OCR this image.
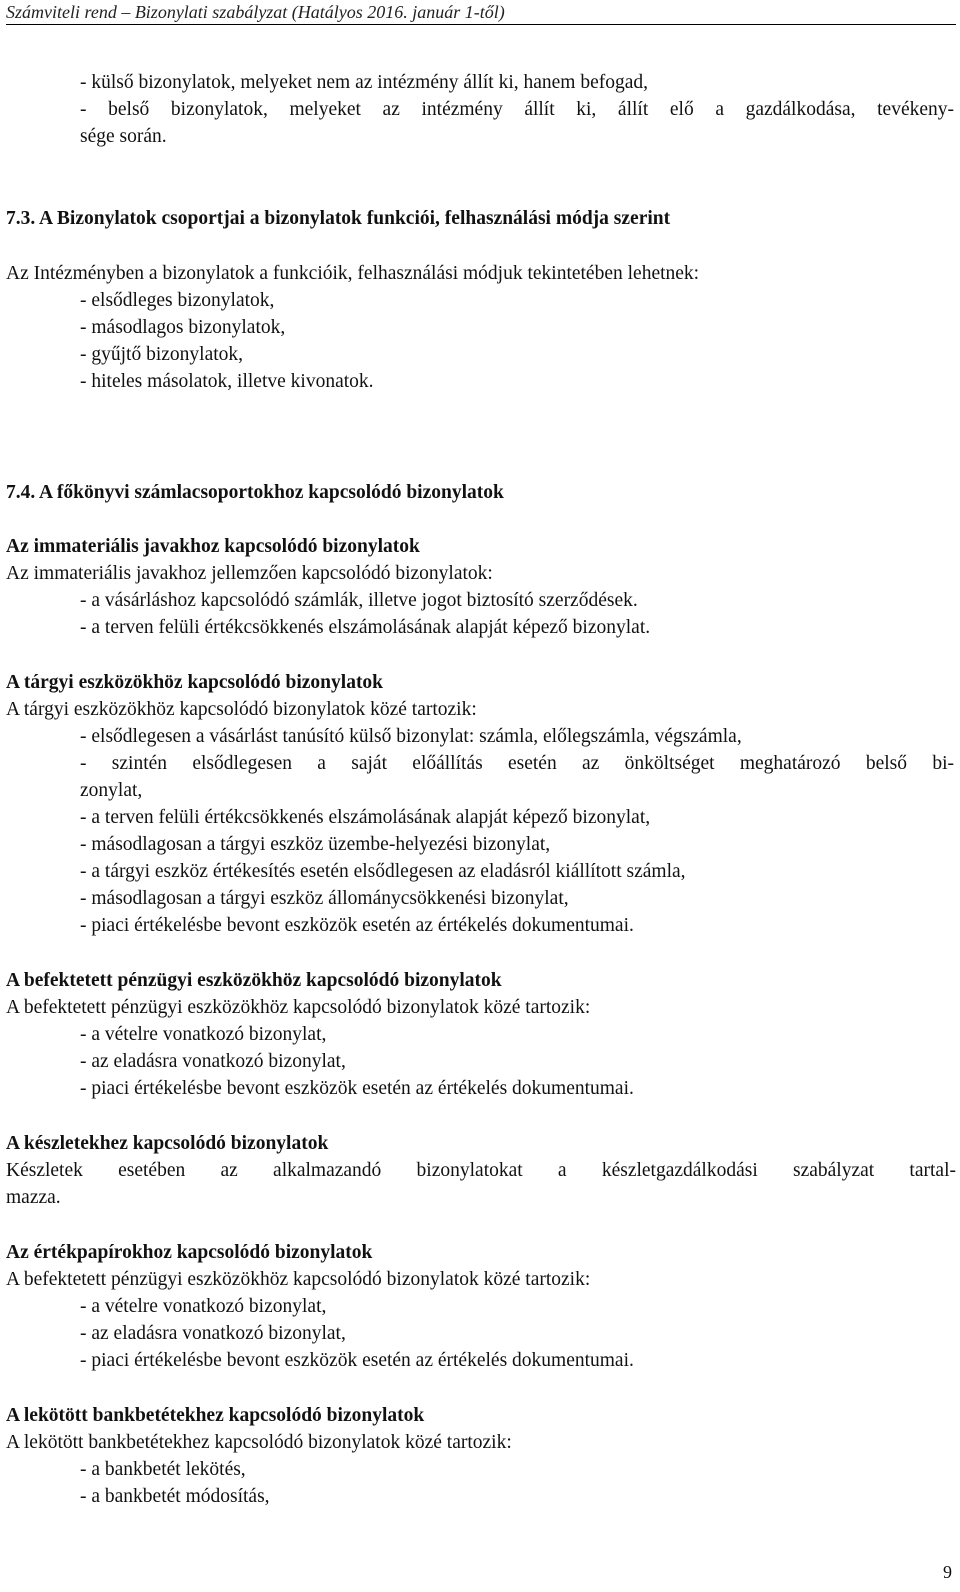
Számviteli rend – Bizonylati szabályzat (Hatályos 2016. január 1-től)
- külső bizonylatok, melyeket nem az intézmény állít ki, hanem befogad,
- belső bizonylatok, melyeket az intézmény állít ki, állít elő a gazdálkodása, tevékeny-
sége során.
7.3. A Bizonylatok csoportjai a bizonylatok funkciói, felhasználási módja szerint
Az Intézményben a bizonylatok a funkcióik, felhasználási módjuk tekintetében lehetnek:
- elsődleges bizonylatok,
- másodlagos bizonylatok,
- gyűjtő bizonylatok,
- hiteles másolatok, illetve kivonatok.
7.4. A főkönyvi számlacsoportokhoz kapcsolódó bizonylatok
Az immateriális javakhoz kapcsolódó bizonylatok
Az immateriális javakhoz jellemzően kapcsolódó bizonylatok:
- a vásárláshoz kapcsolódó számlák, illetve jogot biztosító szerződések.
- a terven felüli értékcsökkenés elszámolásának alapját képező bizonylat.
A tárgyi eszközökhöz kapcsolódó bizonylatok
A tárgyi eszközökhöz kapcsolódó bizonylatok közé tartozik:
- elsődlegesen a vásárlást tanúsító külső bizonylat: számla, előlegszámla, végszámla,
- szintén elsődlegesen a saját előállítás esetén az önköltséget meghatározó belső bi-
zonylat,
- a terven felüli értékcsökkenés elszámolásának alapját képező bizonylat,
- másodlagosan a tárgyi eszköz üzembe-helyezési bizonylat,
- a tárgyi eszköz értékesítés esetén elsődlegesen az eladásról kiállított számla,
- másodlagosan a tárgyi eszköz állománycsökkenési bizonylat,
- piaci értékelésbe bevont eszközök esetén az értékelés dokumentumai.
A befektetett pénzügyi eszközökhöz kapcsolódó bizonylatok
A befektetett pénzügyi eszközökhöz kapcsolódó bizonylatok közé tartozik:
- a vételre vonatkozó bizonylat,
- az eladásra vonatkozó bizonylat,
- piaci értékelésbe bevont eszközök esetén az értékelés dokumentumai.
A készletekhez kapcsolódó bizonylatok
Készletek esetében az alkalmazandó bizonylatokat a készletgazdálkodási szabályzat tartal-
mazza.
Az értékpapírokhoz kapcsolódó bizonylatok
A befektetett pénzügyi eszközökhöz kapcsolódó bizonylatok közé tartozik:
- a vételre vonatkozó bizonylat,
- az eladásra vonatkozó bizonylat,
- piaci értékelésbe bevont eszközök esetén az értékelés dokumentumai.
A lekötött bankbetétekhez kapcsolódó bizonylatok
A lekötött bankbetétekhez kapcsolódó bizonylatok közé tartozik:
- a bankbetét lekötés,
- a bankbetét módosítás,
9
